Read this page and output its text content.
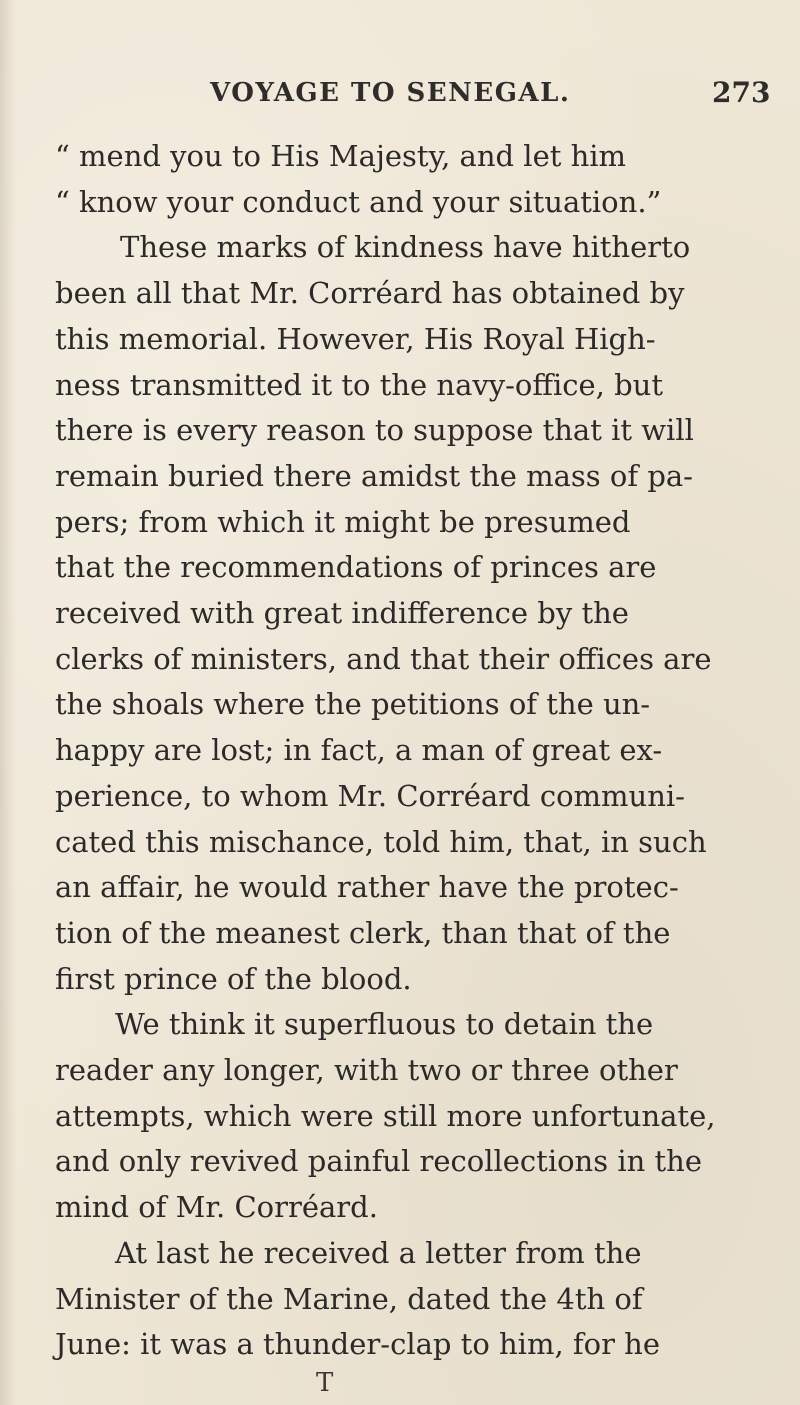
VOYAGE TO SENEGAL.	273
“ mend you to His Majesty, and let him
“ know your conduct and your situation.”
These marks of kindness have hitherto
been all that Mr. Corréard has obtained by
this memorial. However, His Royal High-
ness transmitted it to the navy-office, but
there is every reason to suppose that it will
remain buried there amidst the mass of pa-
pers; from which it might be presumed
that the recommendations of princes are
received with great indifference by the
clerks of ministers, and that their offices are
the shoals where the petitions of the un-
happy are lost; in fact, a man of great ex-
perience, to whom Mr. Corréard communi-
cated this mischance, told him, that, in such
an affair, he would rather have the protec-
tion of the meanest clerk, than that of the
first prince of the blood.
We think it superfluous to detain the
reader any longer, with two or three other
attempts, which were still more unfortunate,
and only revived painful recollections in the
mind of Mr. Corréard.
At last he received a letter from the
Minister of the Marine, dated the 4th of
June: it was a thunder-clap to him, for he
T
